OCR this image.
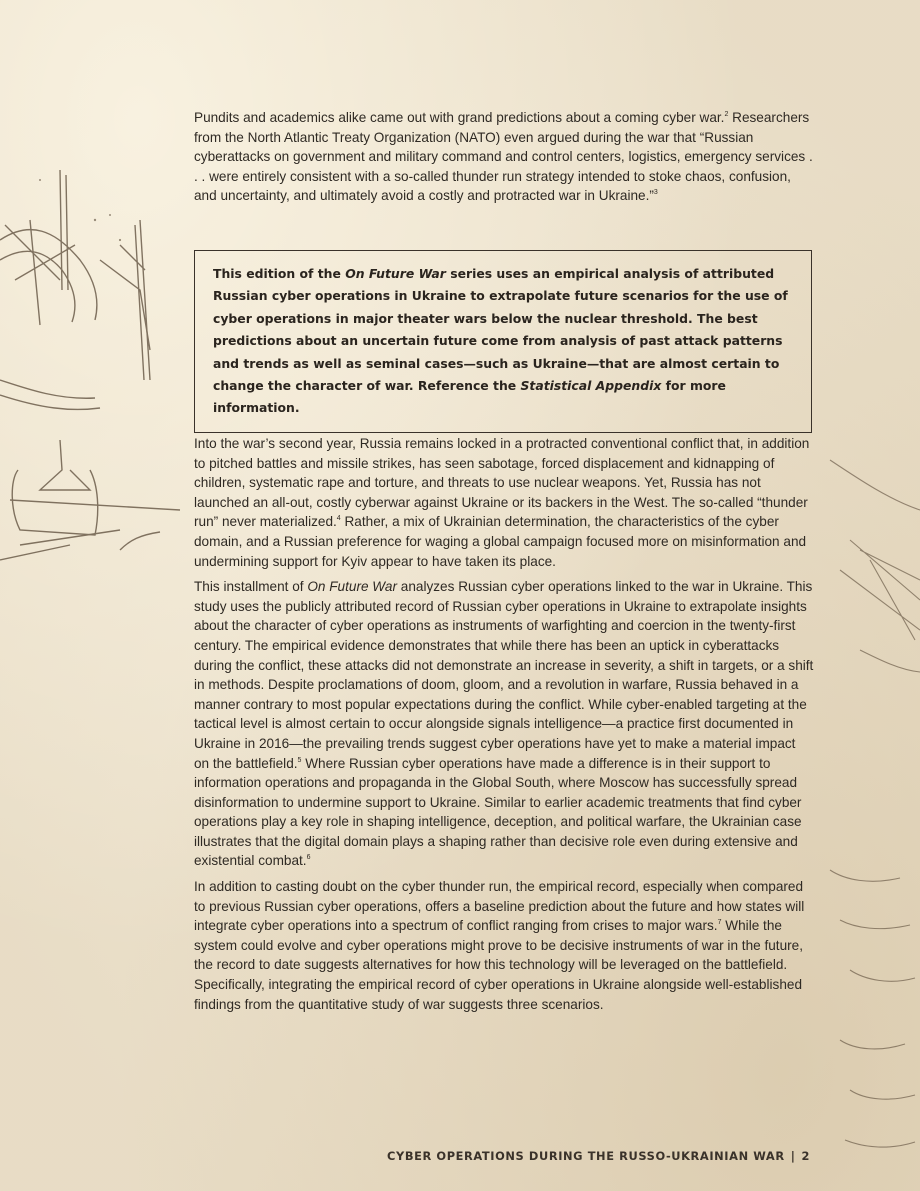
Pundits and academics alike came out with grand predictions about a coming cyber war.$^2$ Researchers from the North Atlantic Treaty Organization (NATO) even argued during the war that “Russian cyberattacks on government and military command and control centers, logistics, emergency services . . . were entirely consistent with a so-called thunder run strategy intended to stoke chaos, confusion, and uncertainty, and ultimately avoid a costly and protracted war in Ukraine.”$^3$

This edition of the On Future War series uses an empirical analysis of attributed Russian cyber operations in Ukraine to extrapolate future scenarios for the use of cyber operations in major theater wars below the nuclear threshold. The best predictions about an uncertain future come from analysis of past attack patterns and trends as well as seminal cases—such as Ukraine—that are almost certain to change the character of war. Reference the Statistical Appendix for more information.

Into the war’s second year, Russia remains locked in a protracted conventional conflict that, in addition to pitched battles and missile strikes, has seen sabotage, forced displacement and kidnapping of children, systematic rape and torture, and threats to use nuclear weapons. Yet, Russia has not launched an all-out, costly cyberwar against Ukraine or its backers in the West. The so-called “thunder run” never materialized.$^4$ Rather, a mix of Ukrainian determination, the characteristics of the cyber domain, and a Russian preference for waging a global campaign focused more on misinformation and undermining support for Kyiv appear to have taken its place.

This installment of On Future War analyzes Russian cyber operations linked to the war in Ukraine. This study uses the publicly attributed record of Russian cyber operations in Ukraine to extrapolate insights about the character of cyber operations as instruments of warfighting and coercion in the twenty-first century. The empirical evidence demonstrates that while there has been an uptick in cyberattacks during the conflict, these attacks did not demonstrate an increase in severity, a shift in targets, or a shift in methods. Despite proclamations of doom, gloom, and a revolution in warfare, Russia behaved in a manner contrary to most popular expectations during the conflict. While cyber-enabled targeting at the tactical level is almost certain to occur alongside signals intelligence—a practice first documented in Ukraine in 2016—the prevailing trends suggest cyber operations have yet to make a material impact on the battlefield.$^5$ Where Russian cyber operations have made a difference is in their support to information operations and propaganda in the Global South, where Moscow has successfully spread disinformation to undermine support to Ukraine. Similar to earlier academic treatments that find cyber operations play a key role in shaping intelligence, deception, and political warfare, the Ukrainian case illustrates that the digital domain plays a shaping rather than decisive role even during extensive and existential combat.$^6$

In addition to casting doubt on the cyber thunder run, the empirical record, especially when compared to previous Russian cyber operations, offers a baseline prediction about the future and how states will integrate cyber operations into a spectrum of conflict ranging from crises to major wars.$^7$ While the system could evolve and cyber operations might prove to be decisive instruments of war in the future, the record to date suggests alternatives for how this technology will be leveraged on the battlefield. Specifically, integrating the empirical record of cyber operations in Ukraine alongside well-established findings from the quantitative study of war suggests three scenarios.

CYBER OPERATIONS DURING THE RUSSO-UKRAINIAN WAR | 2
